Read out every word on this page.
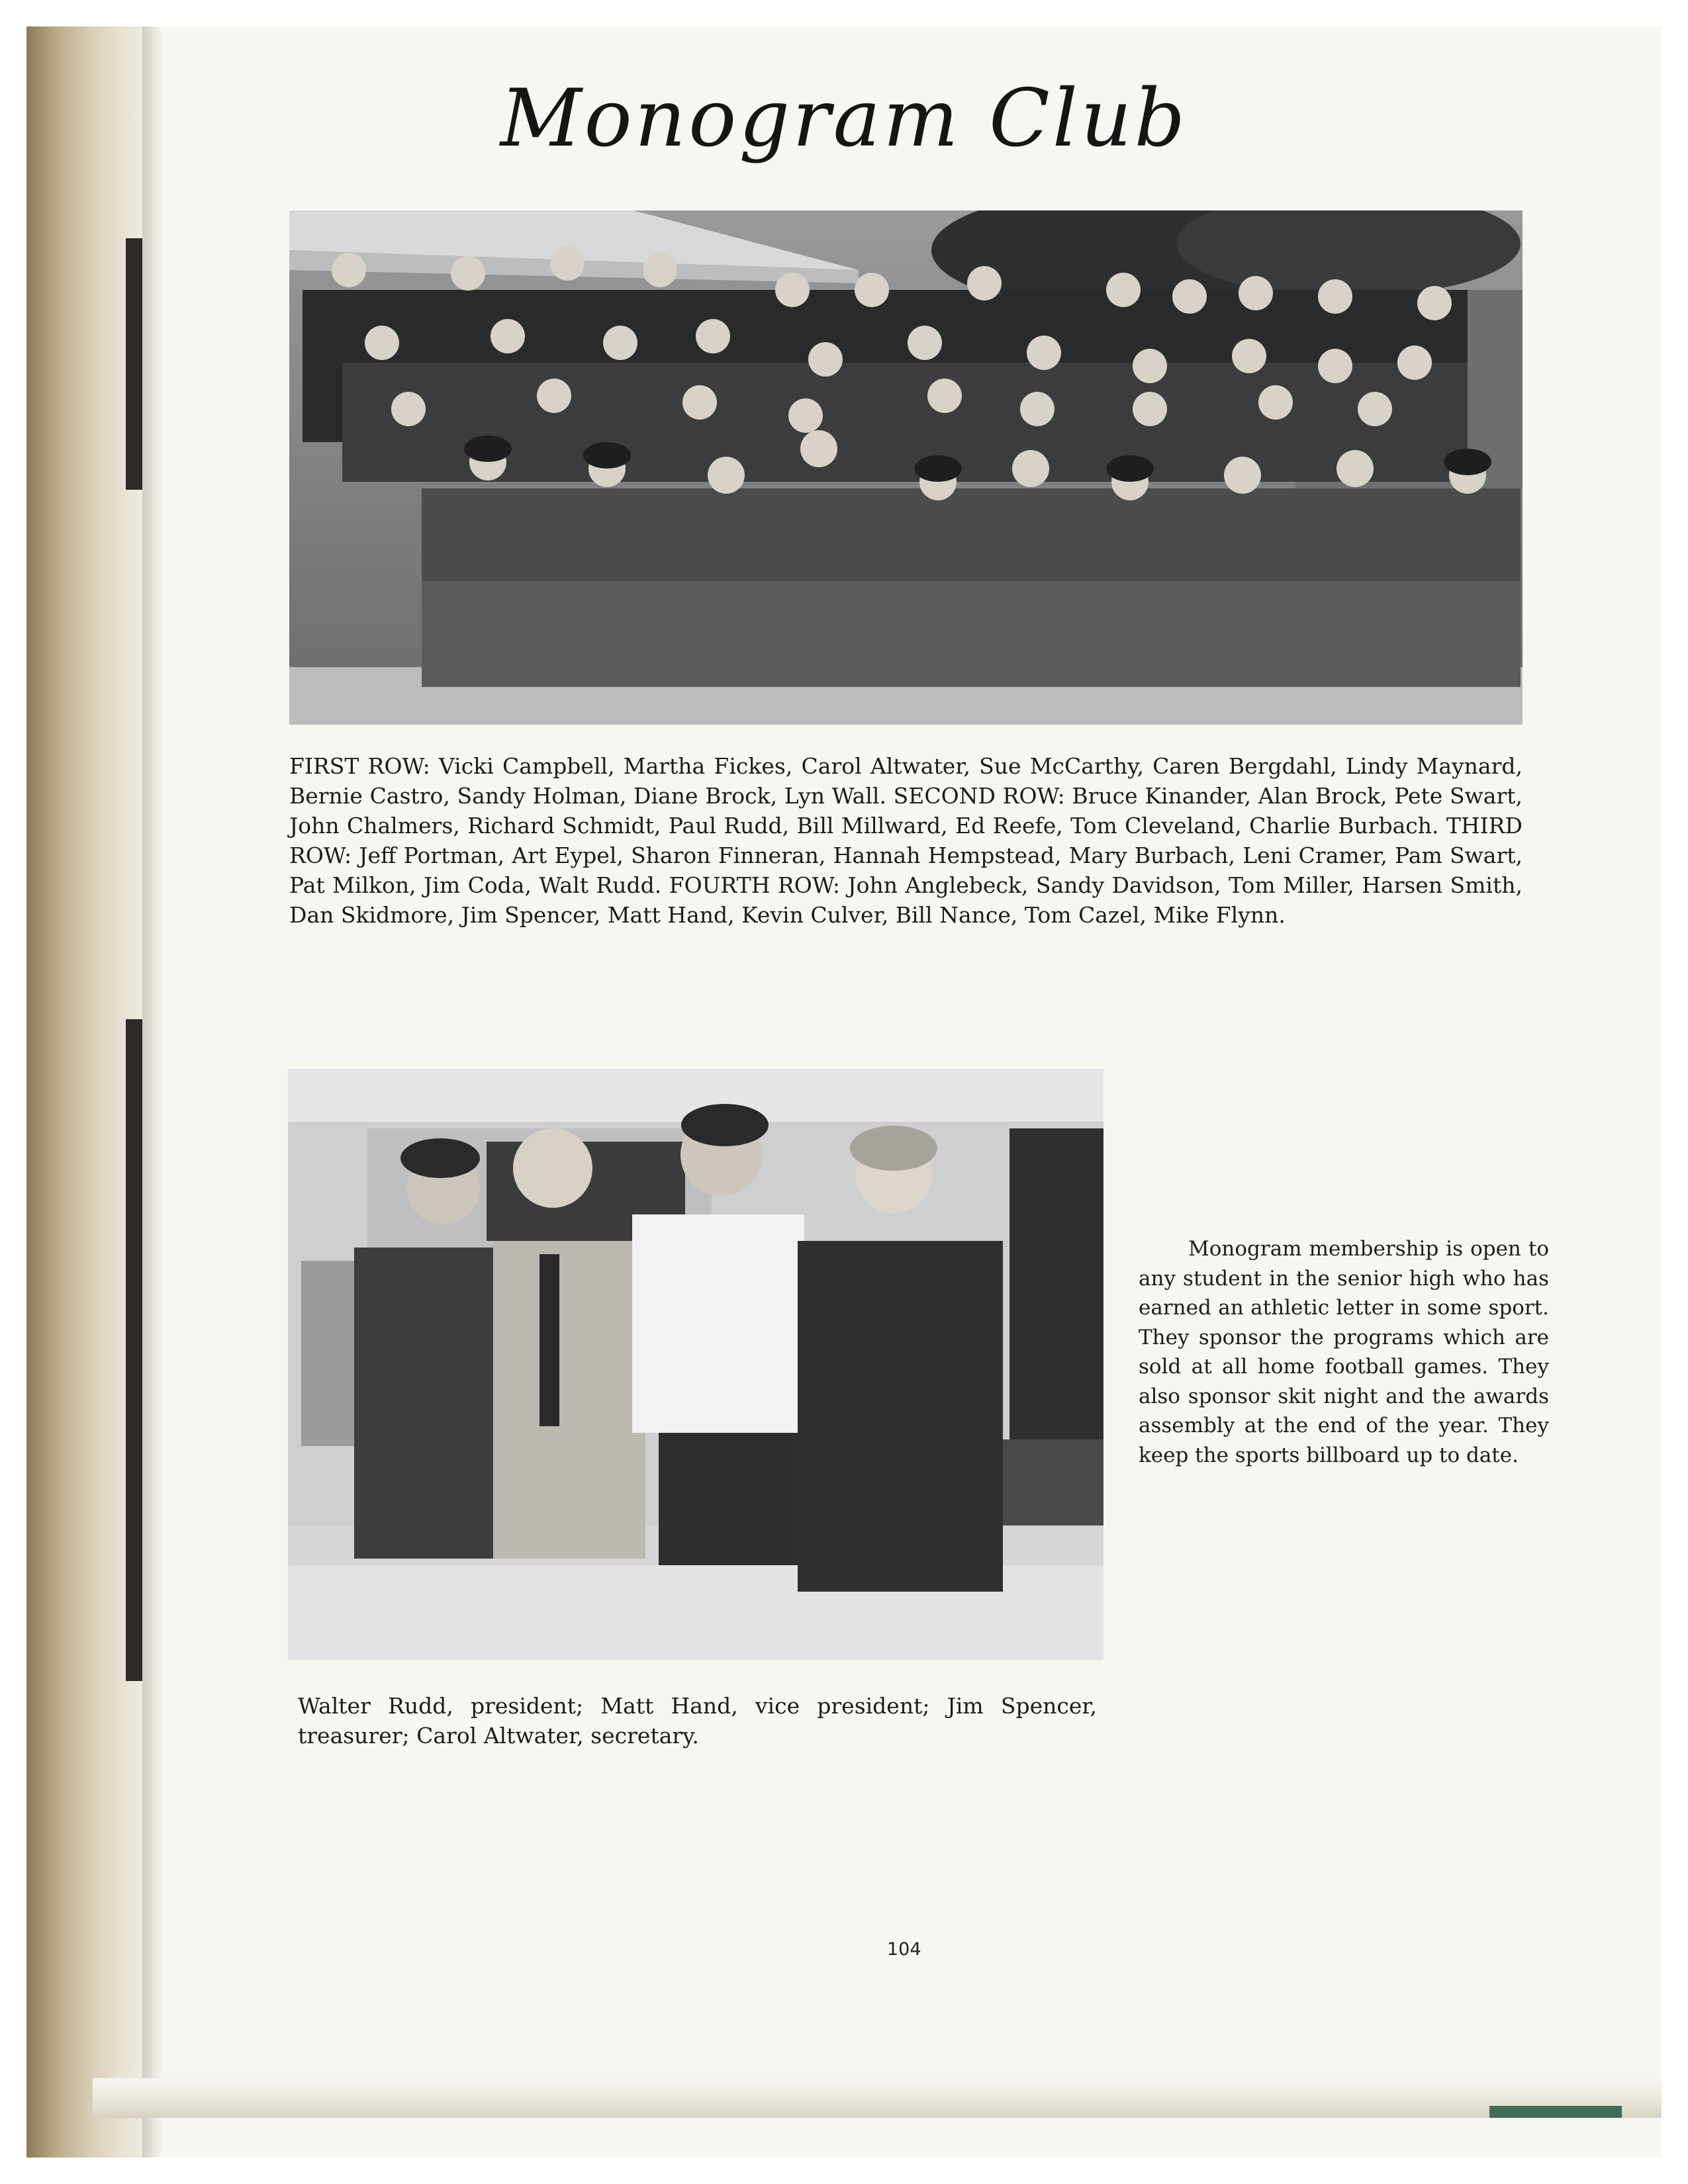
Monogram Club

FIRST ROW: Vicki Campbell, Martha Fickes, Carol Altwater, Sue McCarthy, Caren Bergdahl, Lindy Maynard, Bernie Castro, Sandy Holman, Diane Brock, Lyn Wall. SECOND ROW: Bruce Kinander, Alan Brock, Pete Swart, John Chalmers, Richard Schmidt, Paul Rudd, Bill Millward, Ed Reefe, Tom Cleveland, Charlie Burbach. THIRD ROW: Jeff Portman, Art Eypel, Sharon Finneran, Hannah Hempstead, Mary Burbach, Leni Cramer, Pam Swart, Pat Milkon, Jim Coda, Walt Rudd. FOURTH ROW: John Anglebeck, Sandy Davidson, Tom Miller, Harsen Smith, Dan Skidmore, Jim Spencer, Matt Hand, Kevin Culver, Bill Nance, Tom Cazel, Mike Flynn.

Walter Rudd, president; Matt Hand, vice president; Jim Spencer, treasurer; Carol Altwater, secretary.

Monogram membership is open to any student in the senior high who has earned an athletic letter in some sport. They sponsor the programs which are sold at all home football games. They also sponsor skit night and the awards assembly at the end of the year. They keep the sports billboard up to date.

104
